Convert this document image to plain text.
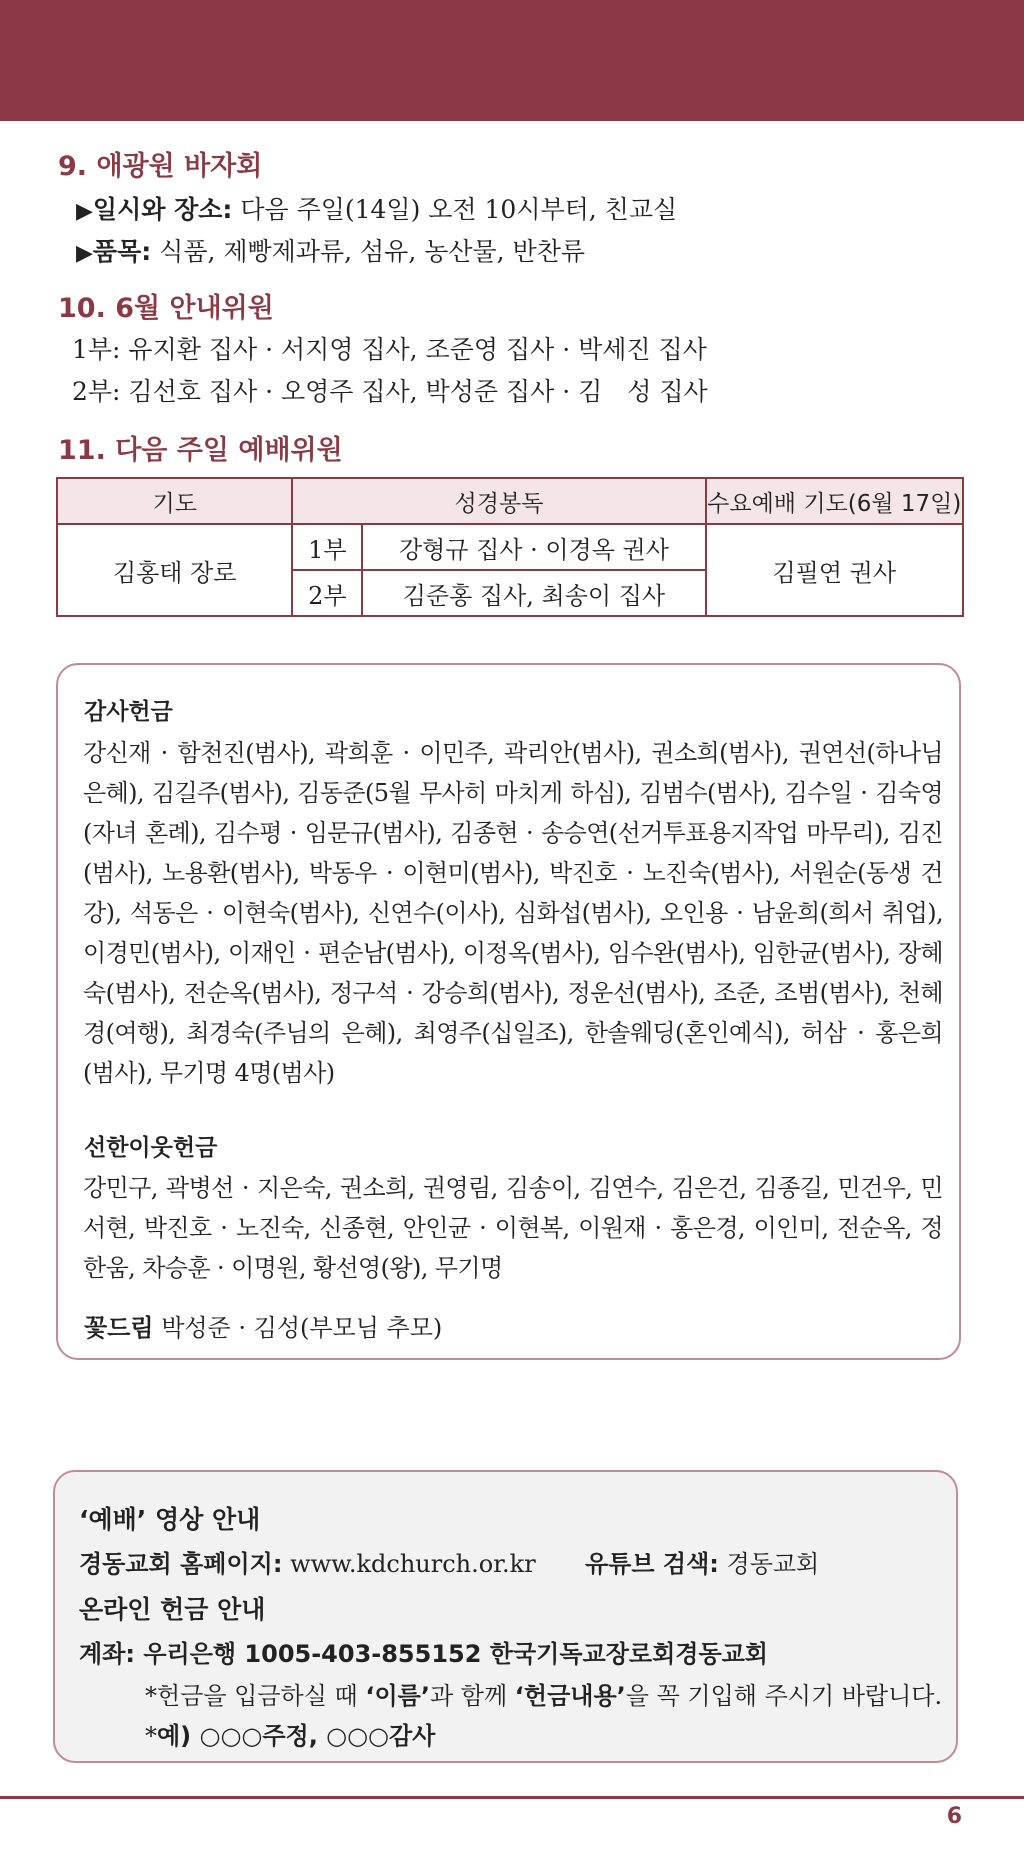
9. 애광원 바자회
▶일시와 장소: 다음 주일(14일) 오전 10시부터, 친교실
▶품목: 식품, 제빵제과류, 섬유, 농산물, 반찬류
10. 6월 안내위원
1부: 유지환 집사 · 서지영 집사, 조준영 집사 · 박세진 집사
2부: 김선호 집사 · 오영주 집사, 박성준 집사 · 김　성 집사
11. 다음 주일 예배위원
기도	성경봉독		수요예배 기도(6월 17일)
김홍태 장로	1부	강형규 집사 · 이경옥 권사	김필연 권사
	2부	김준홍 집사, 최송이 집사	
감사헌금
강신재 · 함천진(범사), 곽희훈 · 이민주, 곽리안(범사), 권소희(범사), 권연선(하나님 은혜), 김길주(범사), 김동준(5월 무사히 마치게 하심), 김범수(범사), 김수일 · 김숙영(자녀 혼례), 김수평 · 임문규(범사), 김종현 · 송승연(선거투표용지작업 마무리), 김진(범사), 노용환(범사), 박동우 · 이현미(범사), 박진호 · 노진숙(범사), 서원순(동생 건강), 석동은 · 이현숙(범사), 신연수(이사), 심화섭(범사), 오인용 · 남윤희(희서 취업), 이경민(범사), 이재인 · 편순남(범사), 이정옥(범사), 임수완(범사), 임한균(범사), 장혜숙(범사), 전순옥(범사), 정구석 · 강승희(범사), 정운선(범사), 조준, 조범(범사), 천혜경(여행), 최경숙(주님의 은혜), 최영주(십일조), 한솔웨딩(혼인예식), 허삼 · 홍은희(범사), 무기명 4명(범사)
선한이웃헌금
강민구, 곽병선 · 지은숙, 권소희, 권영림, 김송이, 김연수, 김은건, 김종길, 민건우, 민서현, 박진호 · 노진숙, 신종현, 안인균 · 이현복, 이원재 · 홍은경, 이인미, 전순옥, 정한움, 차승훈 · 이명원, 황선영(왕), 무기명
꽃드림 박성준 · 김성(부모님 추모)
‘예배’ 영상 안내
경동교회 홈페이지: www.kdchurch.or.kr 유튜브 검색: 경동교회
온라인 헌금 안내
계좌: 우리은행 1005-403-855152 한국기독교장로회경동교회
*헌금을 입금하실 때 ‘이름’과 함께 ‘헌금내용’을 꼭 기입해 주시기 바랍니다.
*예) ○○○주정, ○○○감사
6
